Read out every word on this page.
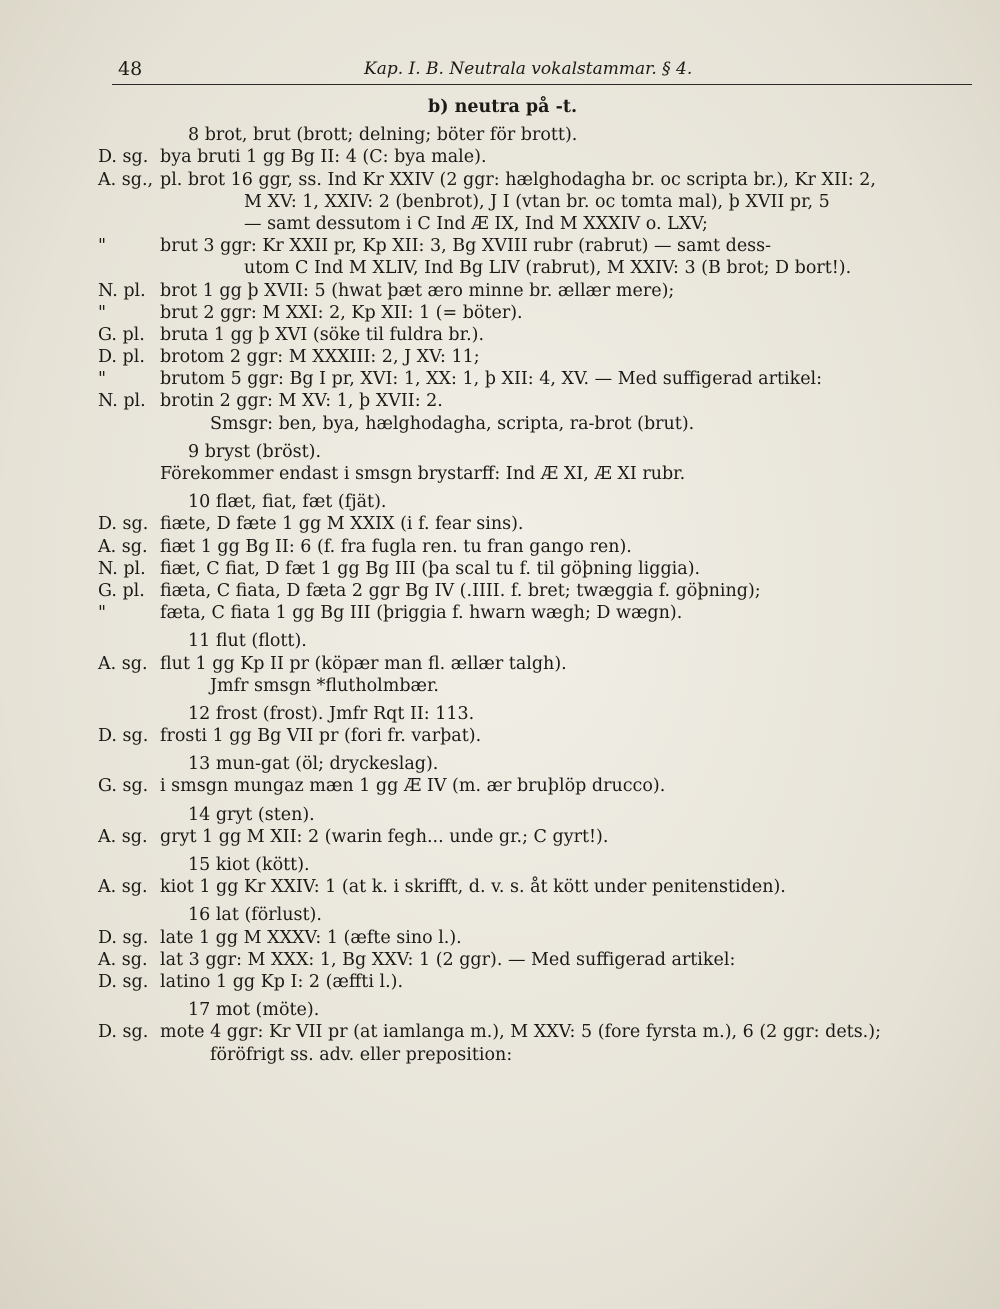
48	Kap. I. B. Neutrala vokalstammar. § 4.
b) neutra på -t.
8 brot, brut (brott; delning; böter för brott).
D. sg. bya bruti 1 gg Bg II: 4 (C: bya male).
A. sg., pl. brot 16 ggr, ss. Ind Kr XXIV (2 ggr: hælghodagha br. oc scripta br.), Kr XII: 2,
M XV: 1, XXIV: 2 (benbrot), J I (vtan br. oc tomta mal), þ XVII pr, 5
— samt dessutom i C Ind Æ IX, Ind M XXXIV o. LXV;
"	brut 3 ggr: Kr XXII pr, Kp XII: 3, Bg XVIII rubr (rabrut) — samt dess-
utom C Ind M XLIV, Ind Bg LIV (rabrut), M XXIV: 3 (B brot; D bort!).
N. pl. brot 1 gg þ XVII: 5 (hwat þæt æro minne br. ællær mere);
"	brut 2 ggr: M XXI: 2, Kp XII: 1 (= böter).
G. pl. bruta 1 gg þ XVI (söke til fuldra br.).
D. pl. brotom 2 ggr: M XXXIII: 2, J XV: 11;
"	brutom 5 ggr: Bg I pr, XVI: 1, XX: 1, þ XII: 4, XV. — Med suffigerad artikel:
N. pl. brotin 2 ggr: M XV: 1, þ XVII: 2.
Smsgr: ben, bya, hælghodagha, scripta, ra-brot (brut).
9 bryst (bröst).
Förekommer endast i smsgn brystarff: Ind Æ XI, Æ XI rubr.
10 flæt, fiat, fæt (fjät).
D. sg. fiæte, D fæte 1 gg M XXIX (i f. fear sins).
A. sg. fiæt 1 gg Bg II: 6 (f. fra fugla ren. tu fran gango ren).
N. pl. fiæt, C fiat, D fæt 1 gg Bg III (þa scal tu f. til göþning liggia).
G. pl. fiæta, C fiata, D fæta 2 ggr Bg IV (.IIII. f. bret; twæggia f. göþning);
"	fæta, C fiata 1 gg Bg III (þriggia f. hwarn wægh; D wægn).
11 flut (flott).
A. sg. flut 1 gg Kp II pr (köpær man fl. ællær talgh).
Jmfr smsgn *flutholmbær.
12 frost (frost). Jmfr Rqt II: 113.
D. sg. frosti 1 gg Bg VII pr (fori fr. varþat).
13 mun-gat (öl; dryckeslag).
G. sg. i smsgn mungaz mæn 1 gg Æ IV (m. ær bruþlöp drucco).
14 gryt (sten).
A. sg. gryt 1 gg M XII: 2 (warin fegh... unde gr.; C gyrt!).
15 kiot (kött).
A. sg. kiot 1 gg Kr XXIV: 1 (at k. i skrifft, d. v. s. åt kött under penitenstiden).
16 lat (förlust).
D. sg. late 1 gg M XXXV: 1 (æfte sino l.).
A. sg. lat 3 ggr: M XXX: 1, Bg XXV: 1 (2 ggr). — Med suffigerad artikel:
D. sg. latino 1 gg Kp I: 2 (æffti l.).
17 mot (möte).
D. sg. mote 4 ggr: Kr VII pr (at iamlanga m.), M XXV: 5 (fore fyrsta m.), 6 (2 ggr: dets.);
föröfrigt ss. adv. eller preposition:
